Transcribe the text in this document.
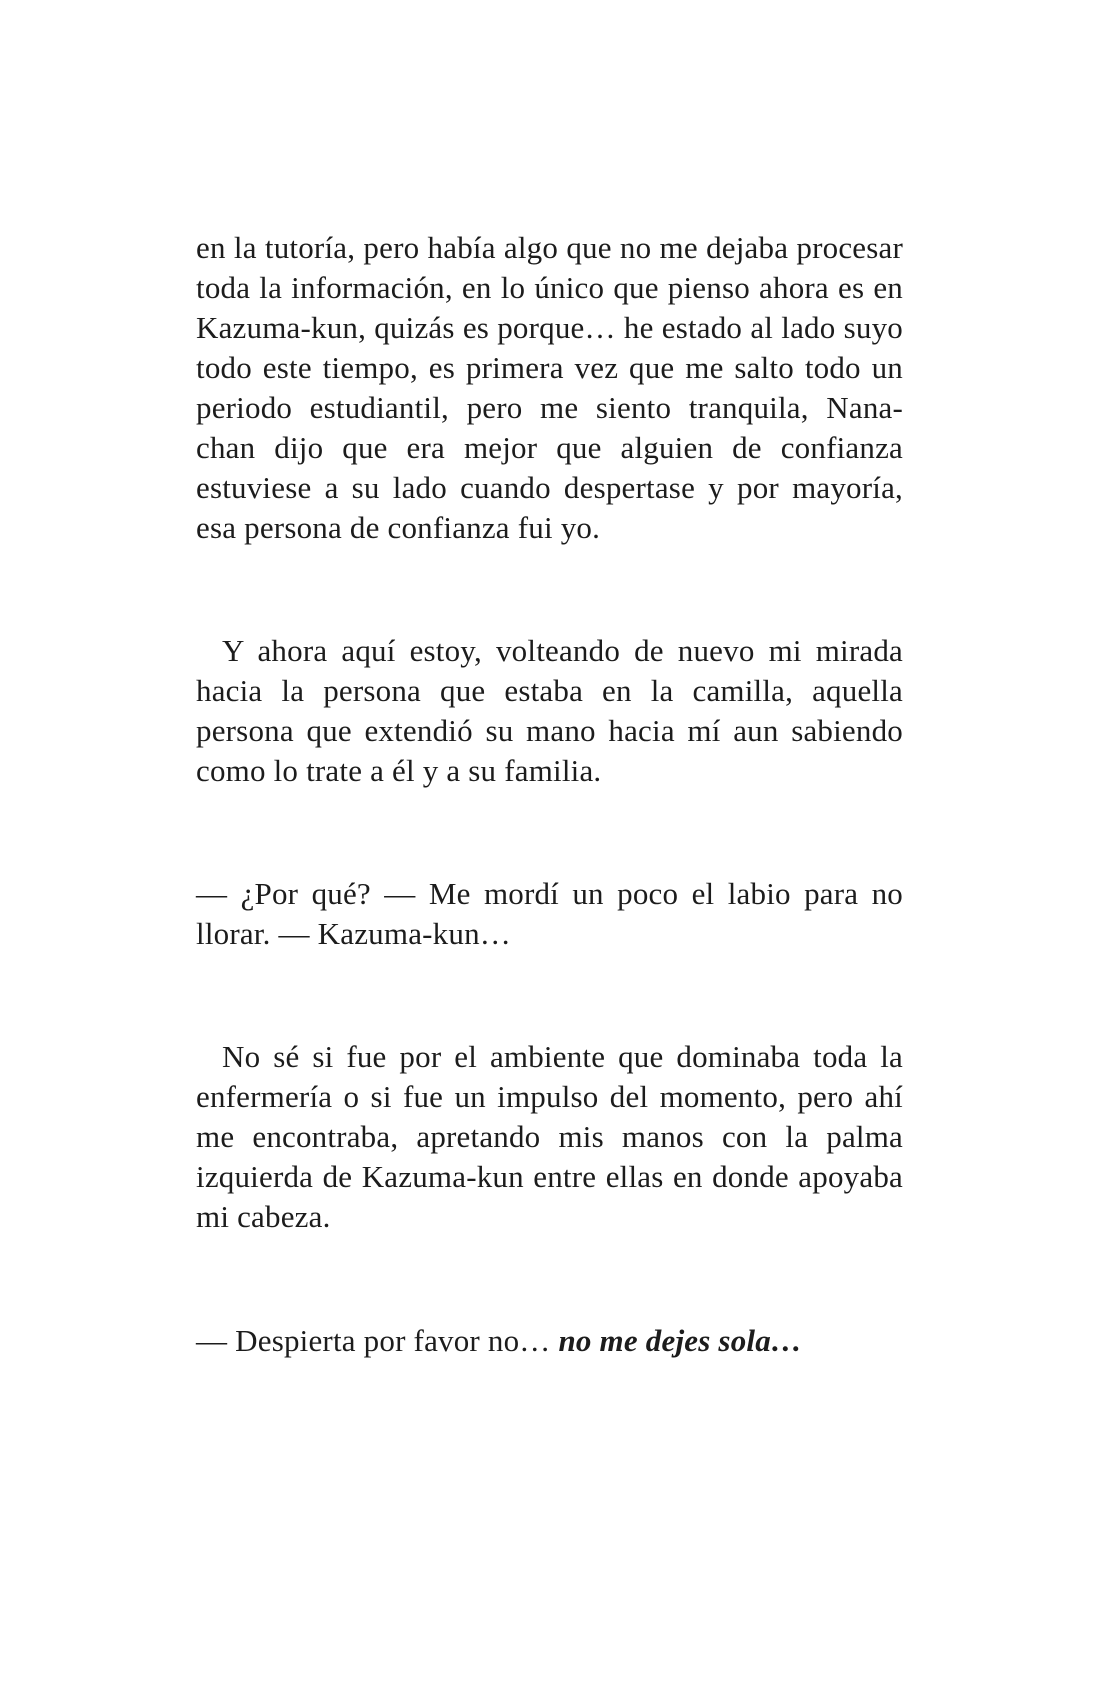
en la tutoría, pero había algo que no me dejaba procesar toda la información, en lo único que pienso ahora es en Kazuma-kun, quizás es porque… he estado al lado suyo todo este tiempo, es primera vez que me salto todo un periodo estudiantil, pero me siento tranquila, Nana-chan dijo que era mejor que alguien de confianza estuviese a su lado cuando despertase y por mayoría, esa persona de confianza fui yo.

Y ahora aquí estoy, volteando de nuevo mi mirada hacia la persona que estaba en la camilla, aquella persona que extendió su mano hacia mí aun sabiendo como lo trate a él y a su familia.

— ¿Por qué? — Me mordí un poco el labio para no llorar. — Kazuma-kun…

No sé si fue por el ambiente que dominaba toda la enfermería o si fue un impulso del momento, pero ahí me encontraba, apretando mis manos con la palma izquierda de Kazuma-kun entre ellas en donde apoyaba mi cabeza.

— Despierta por favor no… no me dejes sola…
